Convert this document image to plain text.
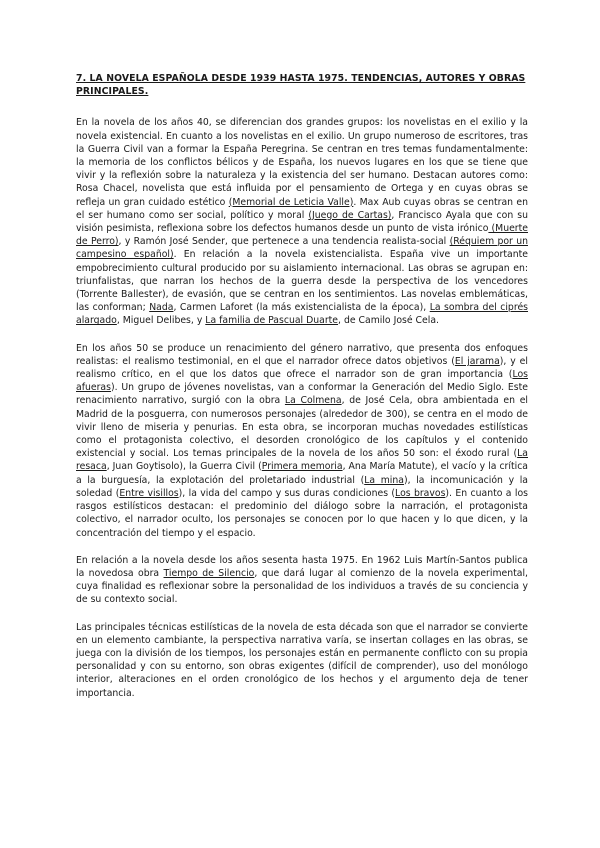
7. LA NOVELA ESPAÑOLA DESDE 1939 HASTA 1975. TENDENCIAS, AUTORES Y OBRAS PRINCIPALES.

En la novela de los años 40, se diferencian dos grandes grupos: los novelistas en el exilio y la novela existencial. En cuanto a los novelistas en el exilio. Un grupo numeroso de escritores, tras la Guerra Civil van a formar la España Peregrina. Se centran en tres temas fundamentalmente: la memoria de los conflictos bélicos y de España, los nuevos lugares en los que se tiene que vivir y la reflexión sobre la naturaleza y la existencia del ser humano. Destacan autores como: Rosa Chacel, novelista que está influida por el pensamiento de Ortega y en cuyas obras se refleja un gran cuidado estético (Memorial de Leticia Valle). Max Aub cuyas obras se centran en el ser humano como ser social, político y moral (Juego de Cartas), Francisco Ayala que con su visión pesimista, reflexiona sobre los defectos humanos desde un punto de vista irónico (Muerte de Perro), y Ramón José Sender, que pertenece a una tendencia realista-social (Réquiem por un campesino español). En relación a la novela existencialista. España vive un importante empobrecimiento cultural producido por su aislamiento internacional. Las obras se agrupan en: triunfalistas, que narran los hechos de la guerra desde la perspectiva de los vencedores (Torrente Ballester), de evasión, que se centran en los sentimientos. Las novelas emblemáticas, las conforman; Nada, Carmen Laforet (la más existencialista de la época), La sombra del ciprés alargado, Miguel Delibes, y La familia de Pascual Duarte, de Camilo José Cela.

En los años 50 se produce un renacimiento del género narrativo, que presenta dos enfoques realistas: el realismo testimonial, en el que el narrador ofrece datos objetivos (El jarama), y el realismo crítico, en el que los datos que ofrece el narrador son de gran importancia (Los afueras). Un grupo de jóvenes novelistas, van a conformar la Generación del Medio Siglo. Este renacimiento narrativo, surgió con la obra La Colmena, de José Cela, obra ambientada en el Madrid de la posguerra, con numerosos personajes (alrededor de 300), se centra en el modo de vivir lleno de miseria y penurias. En esta obra, se incorporan muchas novedades estilísticas como el protagonista colectivo, el desorden cronológico de los capítulos y el contenido existencial y social. Los temas principales de la novela de los años 50 son: el éxodo rural (La resaca, Juan Goytisolo), la Guerra Civil (Primera memoria, Ana María Matute), el vacío y la crítica a la burguesía, la explotación del proletariado industrial (La mina), la incomunicación y la soledad (Entre visillos), la vida del campo y sus duras condiciones (Los bravos). En cuanto a los rasgos estilísticos destacan: el predominio del diálogo sobre la narración, el protagonista colectivo, el narrador oculto, los personajes se conocen por lo que hacen y lo que dicen, y la concentración del tiempo y el espacio.

En relación a la novela desde los años sesenta hasta 1975. En 1962 Luis Martín-Santos publica la novedosa obra Tiempo de Silencio, que dará lugar al comienzo de la novela experimental, cuya finalidad es reflexionar sobre la personalidad de los individuos a través de su conciencia y de su contexto social.

Las principales técnicas estilísticas de la novela de esta década son que el narrador se convierte en un elemento cambiante, la perspectiva narrativa varía, se insertan collages en las obras, se juega con la división de los tiempos, los personajes están en permanente conflicto con su propia personalidad y con su entorno, son obras exigentes (difícil de comprender), uso del monólogo interior, alteraciones en el orden cronológico de los hechos y el argumento deja de tener importancia.
